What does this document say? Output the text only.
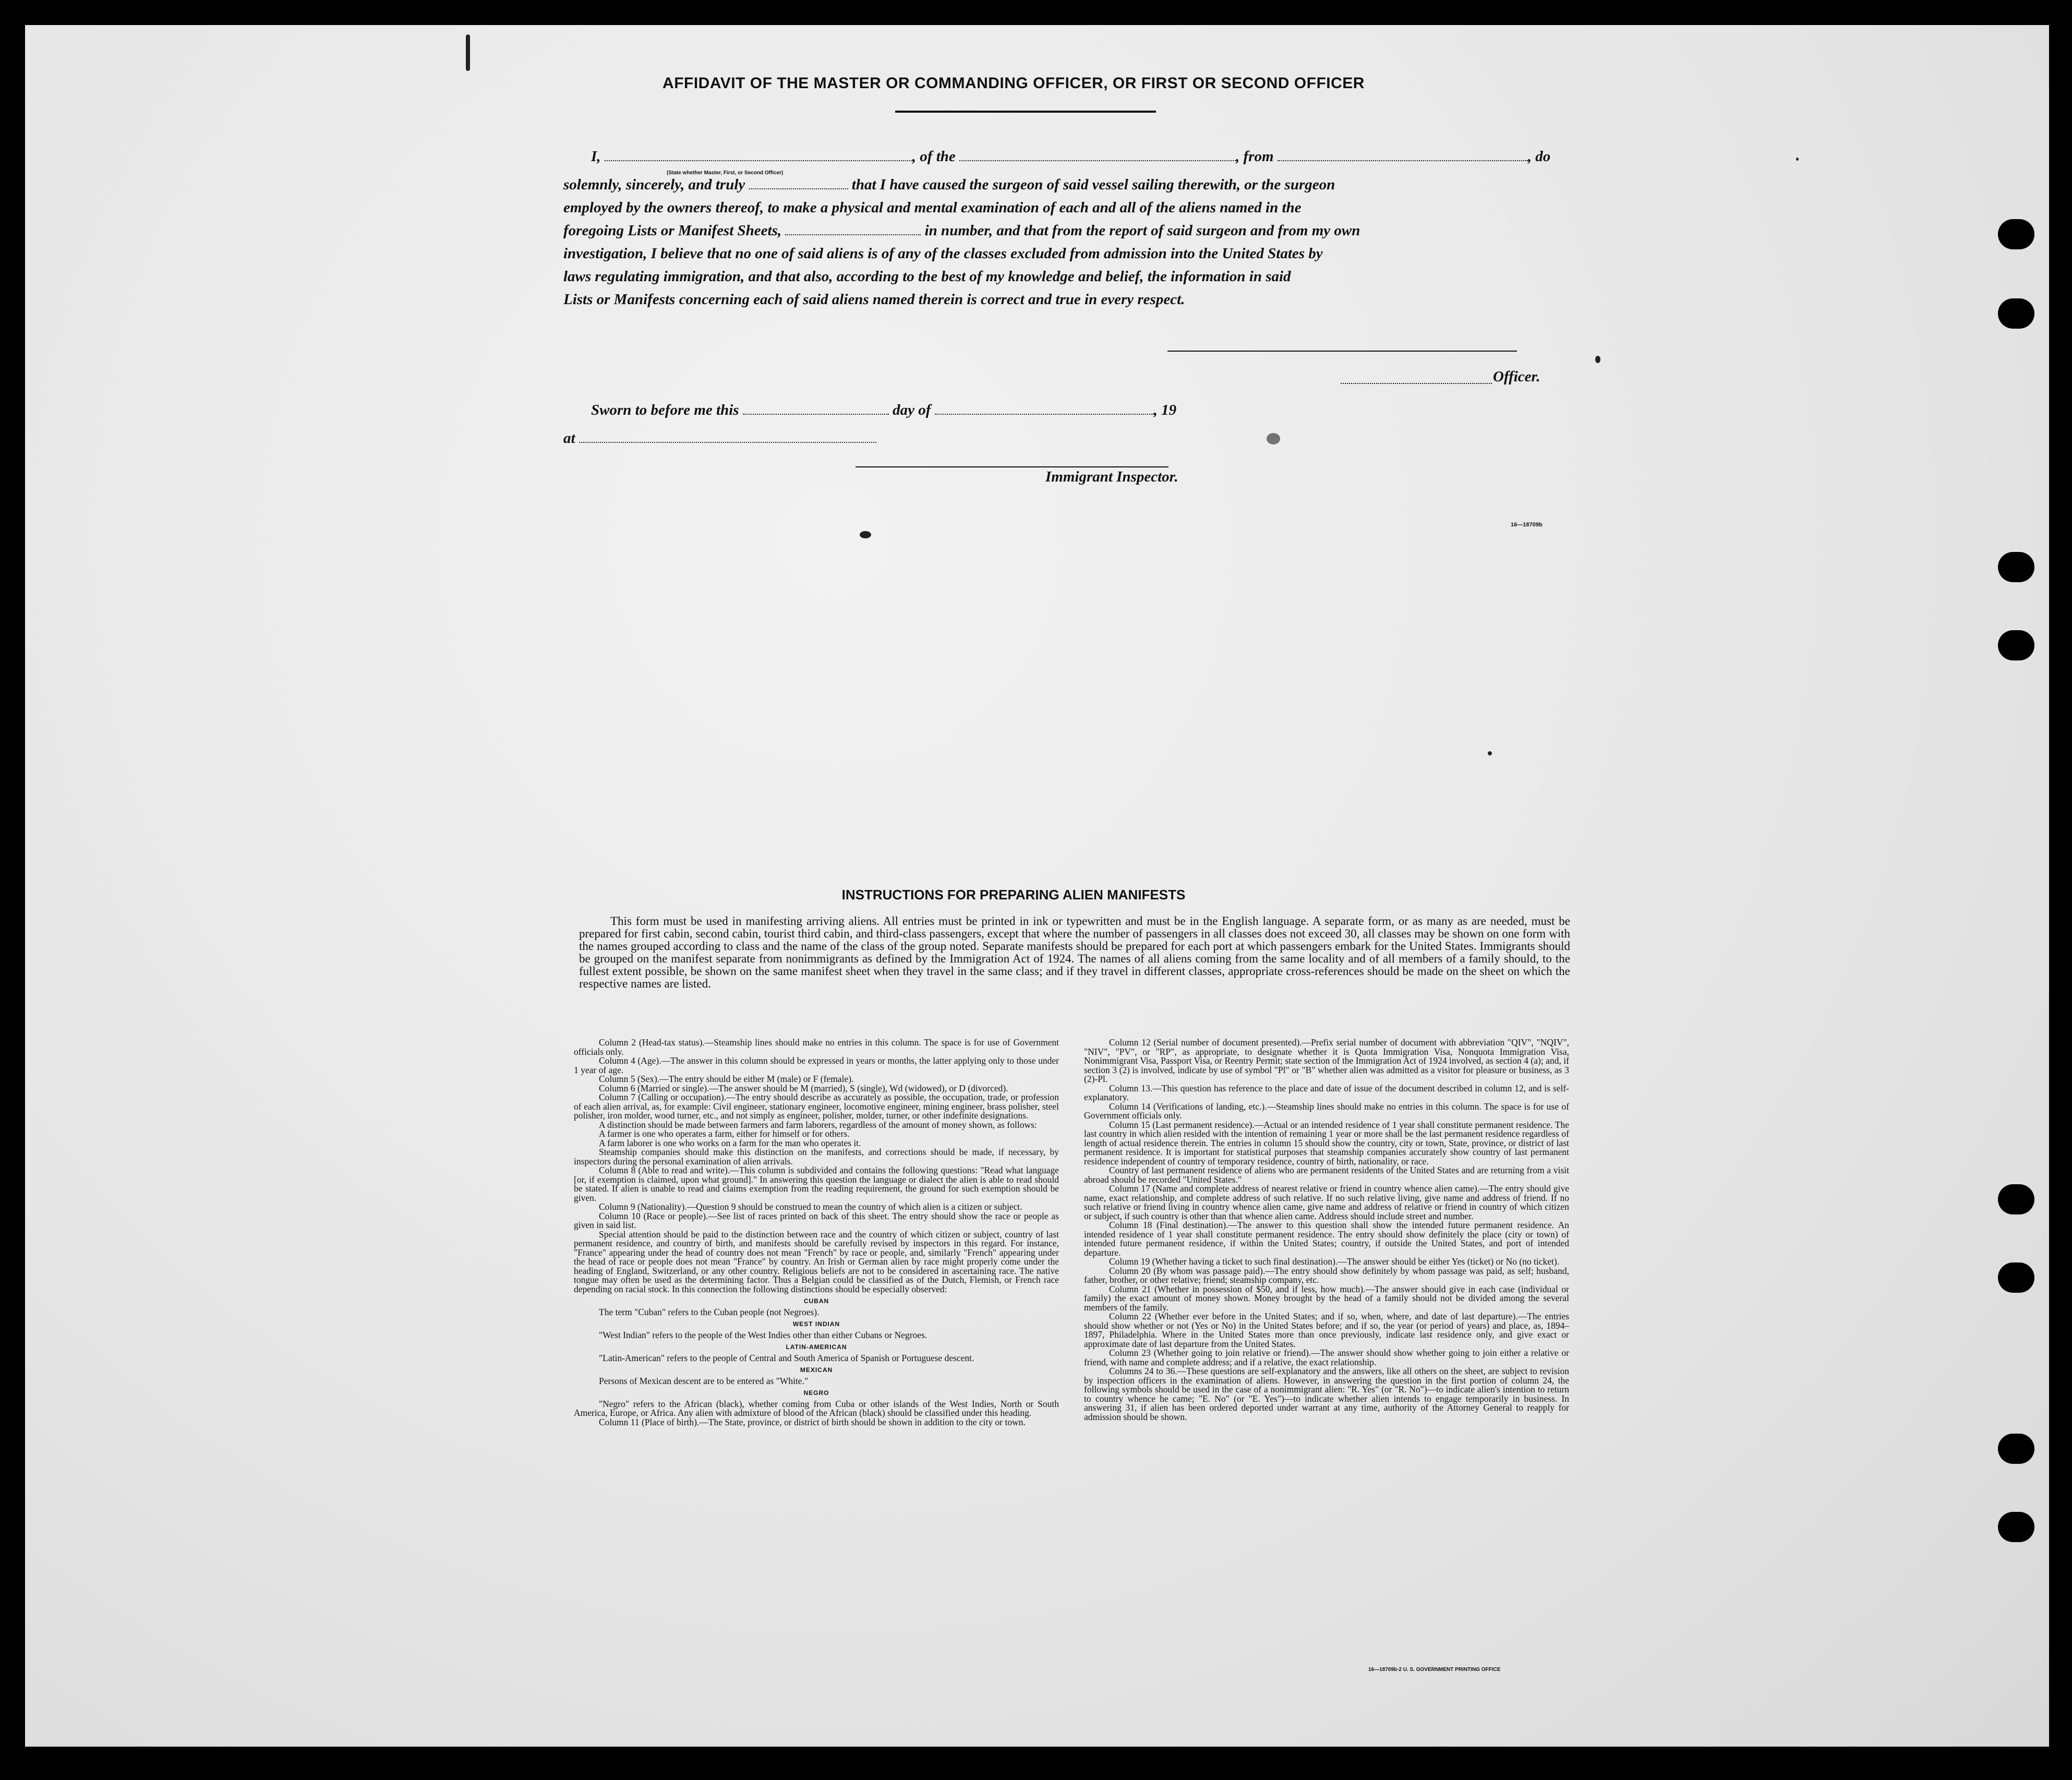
AFFIDAVIT OF THE MASTER OR COMMANDING OFFICER, OR FIRST OR SECOND OFFICER
I,	, of the	, from	, do
(State whether Master, First, or Second Officer)
solemnly, sincerely, and truly	that I have caused the surgeon of said vessel sailing therewith, or the surgeon
employed by the owners thereof, to make a physical and mental examination of each and all of the aliens named in the
foregoing Lists or Manifest Sheets,	in number, and that from the report of said surgeon and from my own
investigation, I believe that no one of said aliens is of any of the classes excluded from admission into the United States by
laws regulating immigration, and that also, according to the best of my knowledge and belief, the information in said
Lists or Manifests concerning each of said aliens named therein is correct and true in every respect.
Officer.
Sworn to before me this	day of	, 19
at
Immigrant Inspector.
16—18709b
INSTRUCTIONS FOR PREPARING ALIEN MANIFESTS
This form must be used in manifesting arriving aliens. All entries must be printed in ink or typewritten and must be in the English language. A separate form, or as many as are needed, must be prepared for first cabin, second cabin, tourist third cabin, and third-class passengers, except that where the number of passengers in all classes does not exceed 30, all classes may be shown on one form with the names grouped according to class and the name of the class of the group noted. Separate manifests should be prepared for each port at which passengers embark for the United States. Immigrants should be grouped on the manifest separate from nonimmigrants as defined by the Immigration Act of 1924. The names of all aliens coming from the same locality and of all members of a family should, to the fullest extent possible, be shown on the same manifest sheet when they travel in the same class; and if they travel in different classes, appropriate cross-references should be made on the sheet on which the respective names are listed.

Column 2 (Head-tax status).—Steamship lines should make no entries in this column. The space is for use of Government officials only.

Column 4 (Age).—The answer in this column should be expressed in years or months, the latter applying only to those under 1 year of age.

Column 5 (Sex).—The entry should be either M (male) or F (female).

Column 6 (Married or single).—The answer should be M (married), S (single), Wd (widowed), or D (divorced).

Column 7 (Calling or occupation).—The entry should describe as accurately as possible, the occupation, trade, or profession of each alien arrival, as, for example: Civil engineer, stationary engineer, locomotive engineer, mining engineer, brass polisher, steel polisher, iron molder, wood turner, etc., and not simply as engineer, polisher, molder, turner, or other indefinite designations.

A distinction should be made between farmers and farm laborers, regardless of the amount of money shown, as follows:

A farmer is one who operates a farm, either for himself or for others.

A farm laborer is one who works on a farm for the man who operates it.

Steamship companies should make this distinction on the manifests, and corrections should be made, if necessary, by inspectors during the personal examination of alien arrivals.

Column 8 (Able to read and write).—This column is subdivided and contains the following questions: "Read what language [or, if exemption is claimed, upon what ground]." In answering this question the language or dialect the alien is able to read should be stated. If alien is unable to read and claims exemption from the reading requirement, the ground for such exemption should be given.

Column 9 (Nationality).—Question 9 should be construed to mean the country of which alien is a citizen or subject.

Column 10 (Race or people).—See list of races printed on back of this sheet. The entry should show the race or people as given in said list.

Special attention should be paid to the distinction between race and the country of which citizen or subject, country of last permanent residence, and country of birth, and manifests should be carefully revised by inspectors in this regard. For instance, "France" appearing under the head of country does not mean "French" by race or people, and, similarly "French" appearing under the head of race or people does not mean "France" by country. An Irish or German alien by race might properly come under the heading of England, Switzerland, or any other country. Religious beliefs are not to be considered in ascertaining race. The native tongue may often be used as the determining factor. Thus a Belgian could be classified as of the Dutch, Flemish, or French race depending on racial stock. In this connection the following distinctions should be especially observed:

CUBAN

The term "Cuban" refers to the Cuban people (not Negroes).

WEST INDIAN

"West Indian" refers to the people of the West Indies other than either Cubans or Negroes.

LATIN-AMERICAN

"Latin-American" refers to the people of Central and South America of Spanish or Portuguese descent.

MEXICAN

Persons of Mexican descent are to be entered as "White."

NEGRO

"Negro" refers to the African (black), whether coming from Cuba or other islands of the West Indies, North or South America, Europe, or Africa. Any alien with admixture of blood of the African (black) should be classified under this heading.

Column 11 (Place of birth).—The State, province, or district of birth should be shown in addition to the city or town.

Column 12 (Serial number of document presented).—Prefix serial number of document with abbreviation "QIV", "NQIV", "NIV", "PV", or "RP", as appropriate, to designate whether it is Quota Immigration Visa, Nonquota Immigration Visa, Nonimmigrant Visa, Passport Visa, or Reentry Permit; state section of the Immigration Act of 1924 involved, as section 4 (a); and, if section 3 (2) is involved, indicate by use of symbol "Pl" or "B" whether alien was admitted as a visitor for pleasure or business, as 3 (2)-Pl.

Column 13.—This question has reference to the place and date of issue of the document described in column 12, and is self-explanatory.

Column 14 (Verifications of landing, etc.).—Steamship lines should make no entries in this column. The space is for use of Government officials only.

Column 15 (Last permanent residence).—Actual or an intended residence of 1 year shall constitute permanent residence. The last country in which alien resided with the intention of remaining 1 year or more shall be the last permanent residence regardless of length of actual residence therein. The entries in column 15 should show the country, city or town, State, province, or district of last permanent residence. It is important for statistical purposes that steamship companies accurately show country of last permanent residence independent of country of temporary residence, country of birth, nationality, or race.

Country of last permanent residence of aliens who are permanent residents of the United States and are returning from a visit abroad should be recorded "United States."

Column 17 (Name and complete address of nearest relative or friend in country whence alien came).—The entry should give name, exact relationship, and complete address of such relative. If no such relative living, give name and address of friend. If no such relative or friend living in country whence alien came, give name and address of relative or friend in country of which citizen or subject, if such country is other than that whence alien came. Address should include street and number.

Column 18 (Final destination).—The answer to this question shall show the intended future permanent residence. An intended residence of 1 year shall constitute permanent residence. The entry should show definitely the place (city or town) of intended future permanent residence, if within the United States; country, if outside the United States, and port of intended departure.

Column 19 (Whether having a ticket to such final destination).—The answer should be either Yes (ticket) or No (no ticket).

Column 20 (By whom was passage paid).—The entry should show definitely by whom passage was paid, as self; husband, father, brother, or other relative; friend; steamship company, etc.

Column 21 (Whether in possession of $50, and if less, how much).—The answer should give in each case (individual or family) the exact amount of money shown. Money brought by the head of a family should not be divided among the several members of the family.

Column 22 (Whether ever before in the United States; and if so, when, where, and date of last departure).—The entries should show whether or not (Yes or No) in the United States before; and if so, the year (or period of years) and place, as, 1894–1897, Philadelphia. Where in the United States more than once previously, indicate last residence only, and give exact or approximate date of last departure from the United States.

Column 23 (Whether going to join relative or friend).—The answer should show whether going to join either a relative or friend, with name and complete address; and if a relative, the exact relationship.

Columns 24 to 36.—These questions are self-explanatory and the answers, like all others on the sheet, are subject to revision by inspection officers in the examination of aliens. However, in answering the question in the first portion of column 24, the following symbols should be used in the case of a nonimmigrant alien: "R. Yes" (or "R. No")—to indicate alien's intention to return to country whence he came; "E. No" (or "E. Yes")—to indicate whether alien intends to engage temporarily in business. In answering 31, if alien has been ordered deported under warrant at any time, authority of the Attorney General to reapply for admission should be shown.

16—18709b-2 U. S. GOVERNMENT PRINTING OFFICE
